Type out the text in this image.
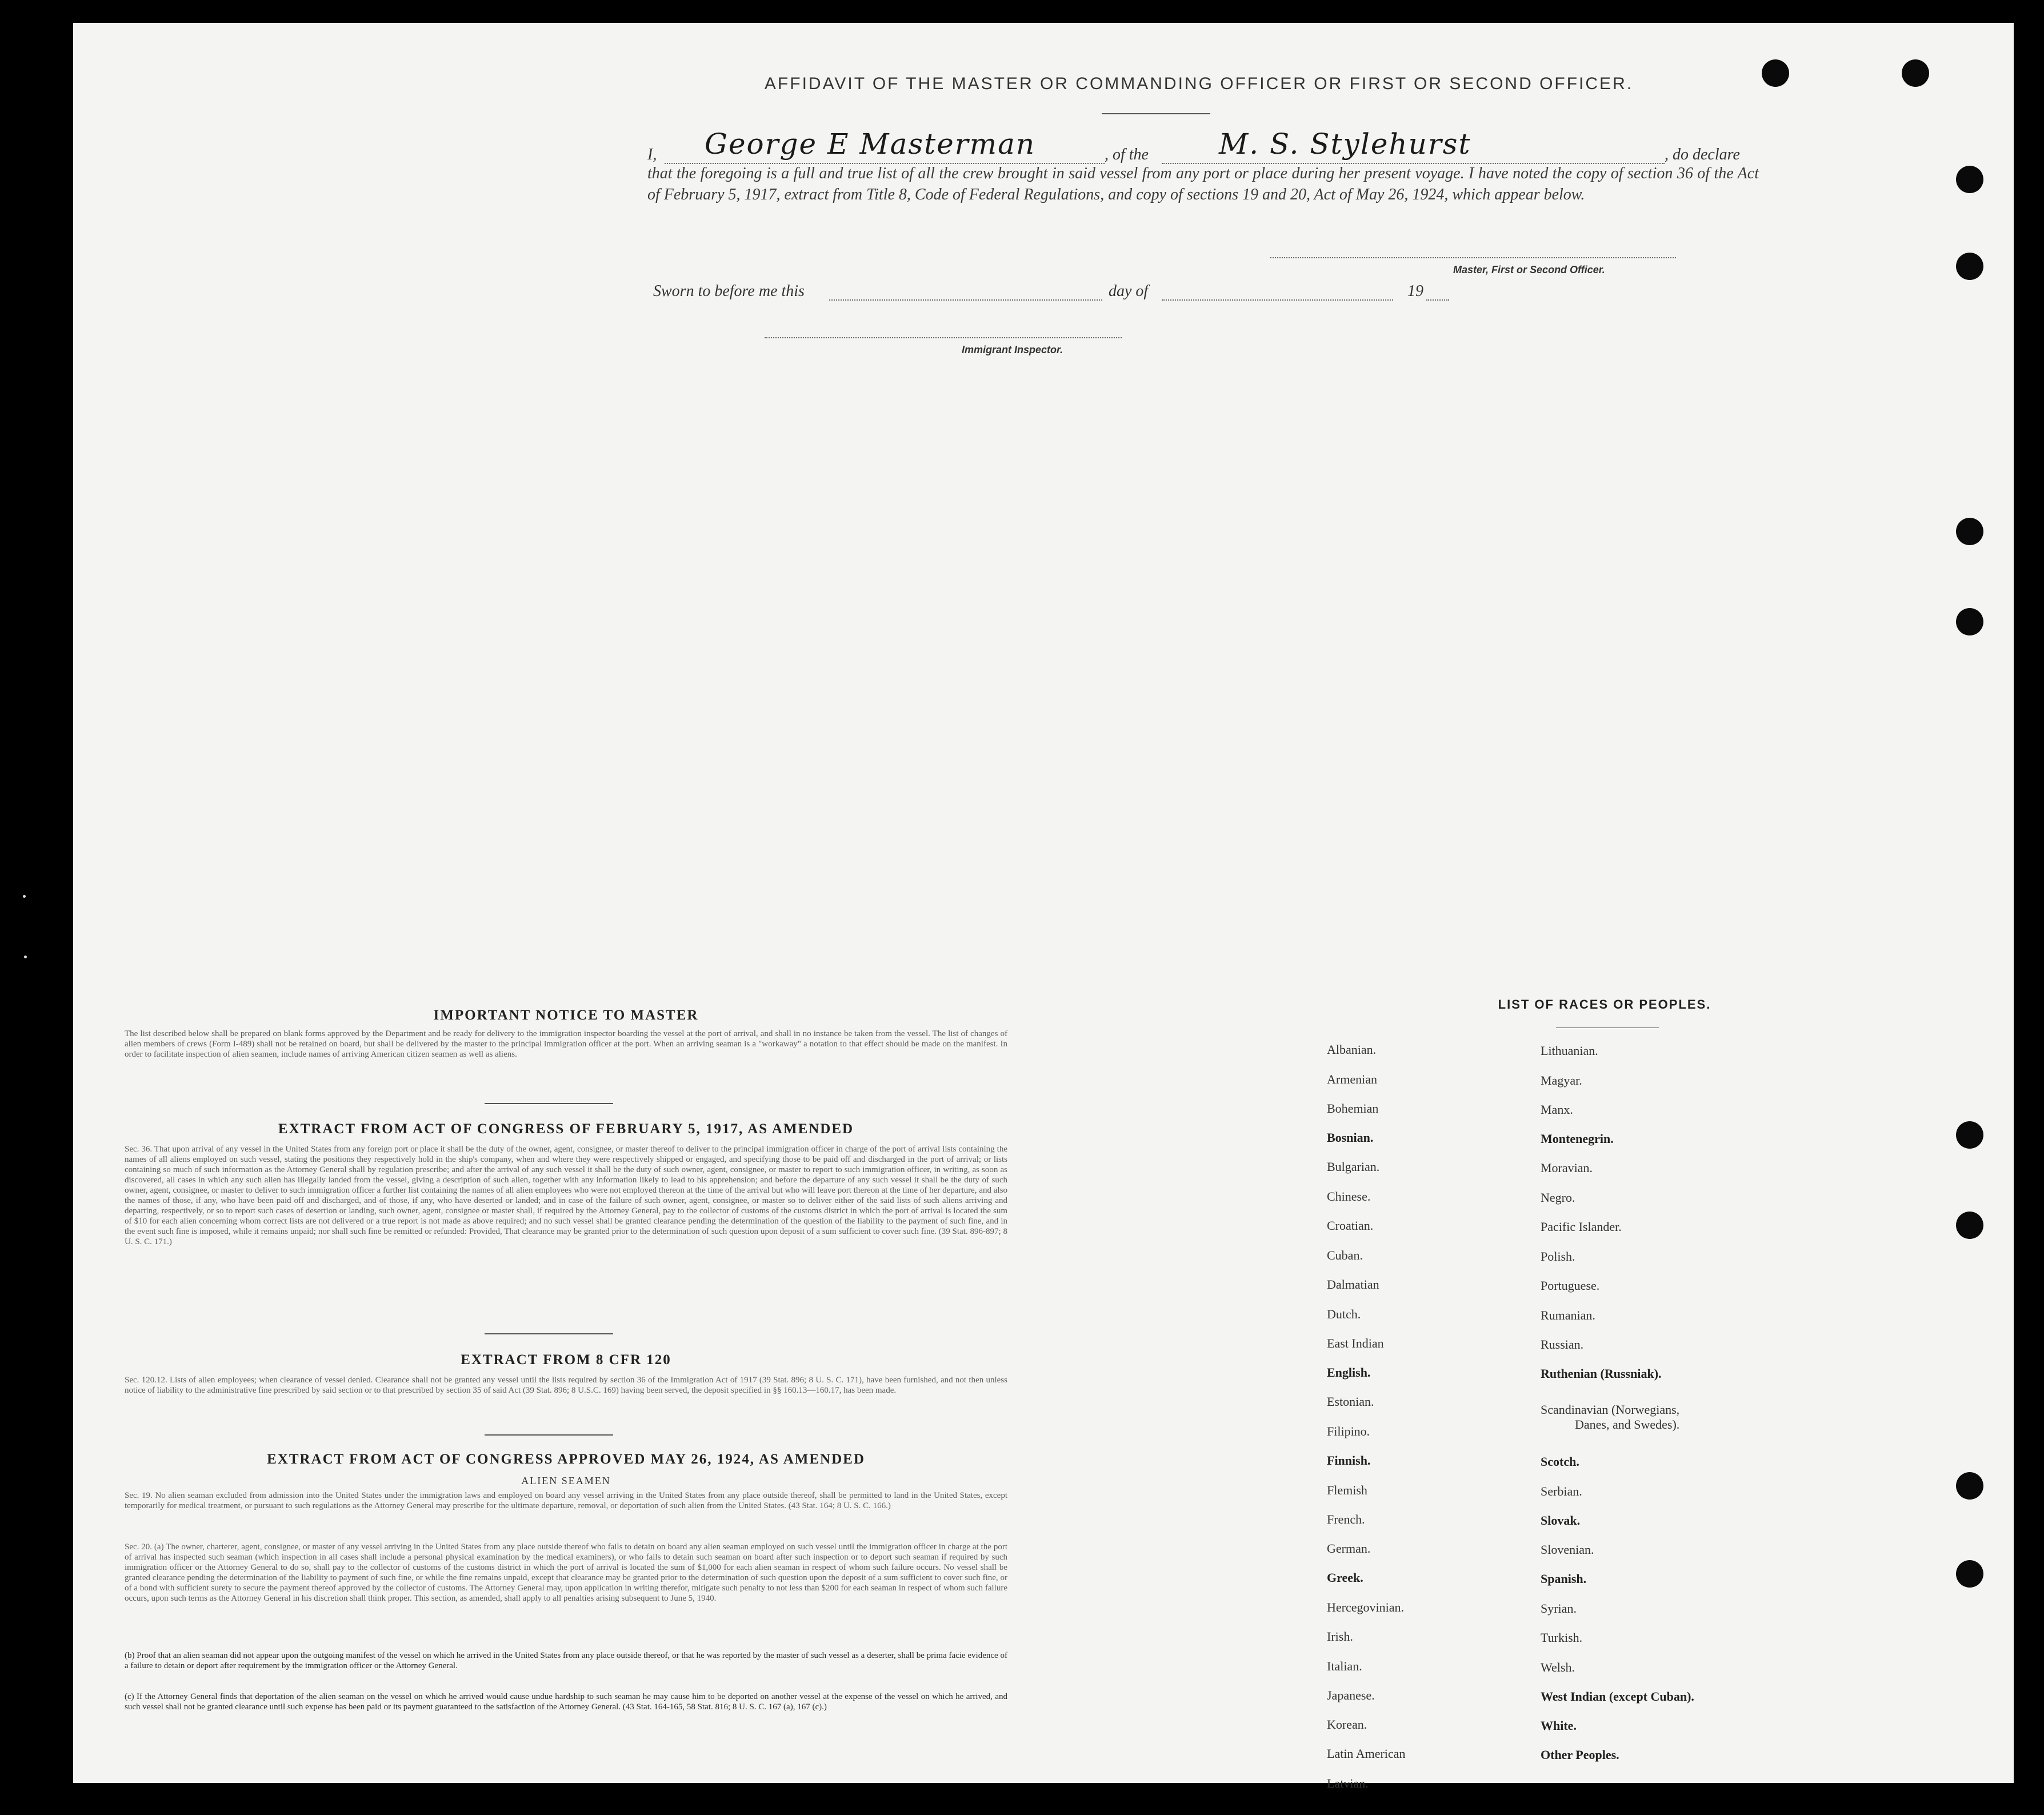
AFFIDAVIT OF THE MASTER OR COMMANDING OFFICER OR FIRST OR SECOND OFFICER.
I, George E Masterman	, of the M. S. Stylehurst	, do declare
that the foregoing is a full and true list of all the crew brought in said vessel from any port or place during her present voyage. I have noted the copy of section 36 of the Act of February 5, 1917, extract from Title 8, Code of Federal Regulations, and copy of sections 19 and 20, Act of May 26, 1924, which appear below.
Master, First or Second Officer.
Sworn to before me this	day of	19
Immigrant Inspector.
IMPORTANT NOTICE TO MASTER
The list described below shall be prepared on blank forms approved by the Department and be ready for delivery to the immigration inspector boarding the vessel at the port of arrival, and shall in no instance be taken from the vessel. The list of changes of alien members of crews (Form I-489) shall not be retained on board, but shall be delivered by the master to the principal immigration officer at the port. When an arriving seaman is a "workaway" a notation to that effect should be made on the manifest. In order to facilitate inspection of alien seamen, include names of arriving American citizen seamen as well as aliens.
EXTRACT FROM ACT OF CONGRESS OF FEBRUARY 5, 1917, AS AMENDED
Sec. 36. That upon arrival of any vessel in the United States from any foreign port or place it shall be the duty of the owner, agent, consignee, or master thereof to deliver to the principal immigration officer in charge of the port of arrival lists containing the names of all aliens employed on such vessel, stating the positions they respectively hold in the ship's company, when and where they were respectively shipped or engaged, and specifying those to be paid off and discharged in the port of arrival; or lists containing so much of such information as the Attorney General shall by regulation prescribe; and after the arrival of any such vessel it shall be the duty of such owner, agent, consignee, or master to report to such immigration officer, in writing, as soon as discovered, all cases in which any such alien has illegally landed from the vessel, giving a description of such alien, together with any information likely to lead to his apprehension; and before the departure of any such vessel it shall be the duty of such owner, agent, consignee, or master to deliver to such immigration officer a further list containing the names of all alien employees who were not employed thereon at the time of the arrival but who will leave port thereon at the time of her departure, and also the names of those, if any, who have been paid off and discharged, and of those, if any, who have deserted or landed; and in case of the failure of such owner, agent, consignee, or master so to deliver either of the said lists of such aliens arriving and departing, respectively, or so to report such cases of desertion or landing, such owner, agent, consignee or master shall, if required by the Attorney General, pay to the collector of customs of the customs district in which the port of arrival is located the sum of $10 for each alien concerning whom correct lists are not delivered or a true report is not made as above required; and no such vessel shall be granted clearance pending the determination of the question of the liability to the payment of such fine, and in the event such fine is imposed, while it remains unpaid; nor shall such fine be remitted or refunded: Provided, That clearance may be granted prior to the determination of such question upon deposit of a sum sufficient to cover such fine. (39 Stat. 896-897; 8 U. S. C. 171.)
EXTRACT FROM 8 CFR 120
Sec. 120.12. Lists of alien employees; when clearance of vessel denied. Clearance shall not be granted any vessel until the lists required by section 36 of the Immigration Act of 1917 (39 Stat. 896; 8 U. S. C. 171), have been furnished, and not then unless notice of liability to the administrative fine prescribed by said section or to that prescribed by section 35 of said Act (39 Stat. 896; 8 U.S.C. 169) having been served, the deposit specified in §§ 160.13—160.17, has been made.
EXTRACT FROM ACT OF CONGRESS APPROVED MAY 26, 1924, AS AMENDED
ALIEN SEAMEN
Sec. 19. No alien seaman excluded from admission into the United States under the immigration laws and employed on board any vessel arriving in the United States from any place outside thereof, shall be permitted to land in the United States, except temporarily for medical treatment, or pursuant to such regulations as the Attorney General may prescribe for the ultimate departure, removal, or deportation of such alien from the United States. (43 Stat. 164; 8 U. S. C. 166.)
Sec. 20. (a) The owner, charterer, agent, consignee, or master of any vessel arriving in the United States from any place outside thereof who fails to detain on board any alien seaman employed on such vessel until the immigration officer in charge at the port of arrival has inspected such seaman (which inspection in all cases shall include a personal physical examination by the medical examiners), or who fails to detain such seaman on board after such inspection or to deport such seaman if required by such immigration officer or the Attorney General to do so, shall pay to the collector of customs of the customs district in which the port of arrival is located the sum of $1,000 for each alien seaman in respect of whom such failure occurs. No vessel shall be granted clearance pending the determination of the liability to payment of such fine, or while the fine remains unpaid, except that clearance may be granted prior to the determination of such question upon the deposit of a sum sufficient to cover such fine, or of a bond with sufficient surety to secure the payment thereof approved by the collector of customs. The Attorney General may, upon application in writing therefor, mitigate such penalty to not less than $200 for each seaman in respect of whom such failure occurs, upon such terms as the Attorney General in his discretion shall think proper. This section, as amended, shall apply to all penalties arising subsequent to June 5, 1940.
(b) Proof that an alien seaman did not appear upon the outgoing manifest of the vessel on which he arrived in the United States from any place outside thereof, or that he was reported by the master of such vessel as a deserter, shall be prima facie evidence of a failure to detain or deport after requirement by the immigration officer or the Attorney General.
(c) If the Attorney General finds that deportation of the alien seaman on the vessel on which he arrived would cause undue hardship to such seaman he may cause him to be deported on another vessel at the expense of the vessel on which he arrived, and such vessel shall not be granted clearance until such expense has been paid or its payment guaranteed to the satisfaction of the Attorney General. (43 Stat. 164-165, 58 Stat. 816; 8 U. S. C. 167 (a), 167 (c).)
LIST OF RACES OR PEOPLES.
Albanian.
Armenian
Bohemian
Bosnian.
Bulgarian.
Chinese.
Croatian.
Cuban.
Dalmatian
Dutch.
East Indian
English.
Estonian.
Filipino.
Finnish.
Flemish
French.
German.
Greek.
Hercegovinian.
Irish.
Italian.
Japanese.
Korean.
Latin American
Latvian.
Lithuanian.
Magyar.
Manx.
Montenegrin.
Moravian.
Negro.
Pacific Islander.
Polish.
Portuguese.
Rumanian.
Russian.
Ruthenian (Russniak).
Scandinavian (Norwegians,
Danes, and Swedes).
Scotch.
Serbian.
Slovak.
Slovenian.
Spanish.
Syrian.
Turkish.
Welsh.
West Indian (except Cuban).
White.
Other Peoples.
